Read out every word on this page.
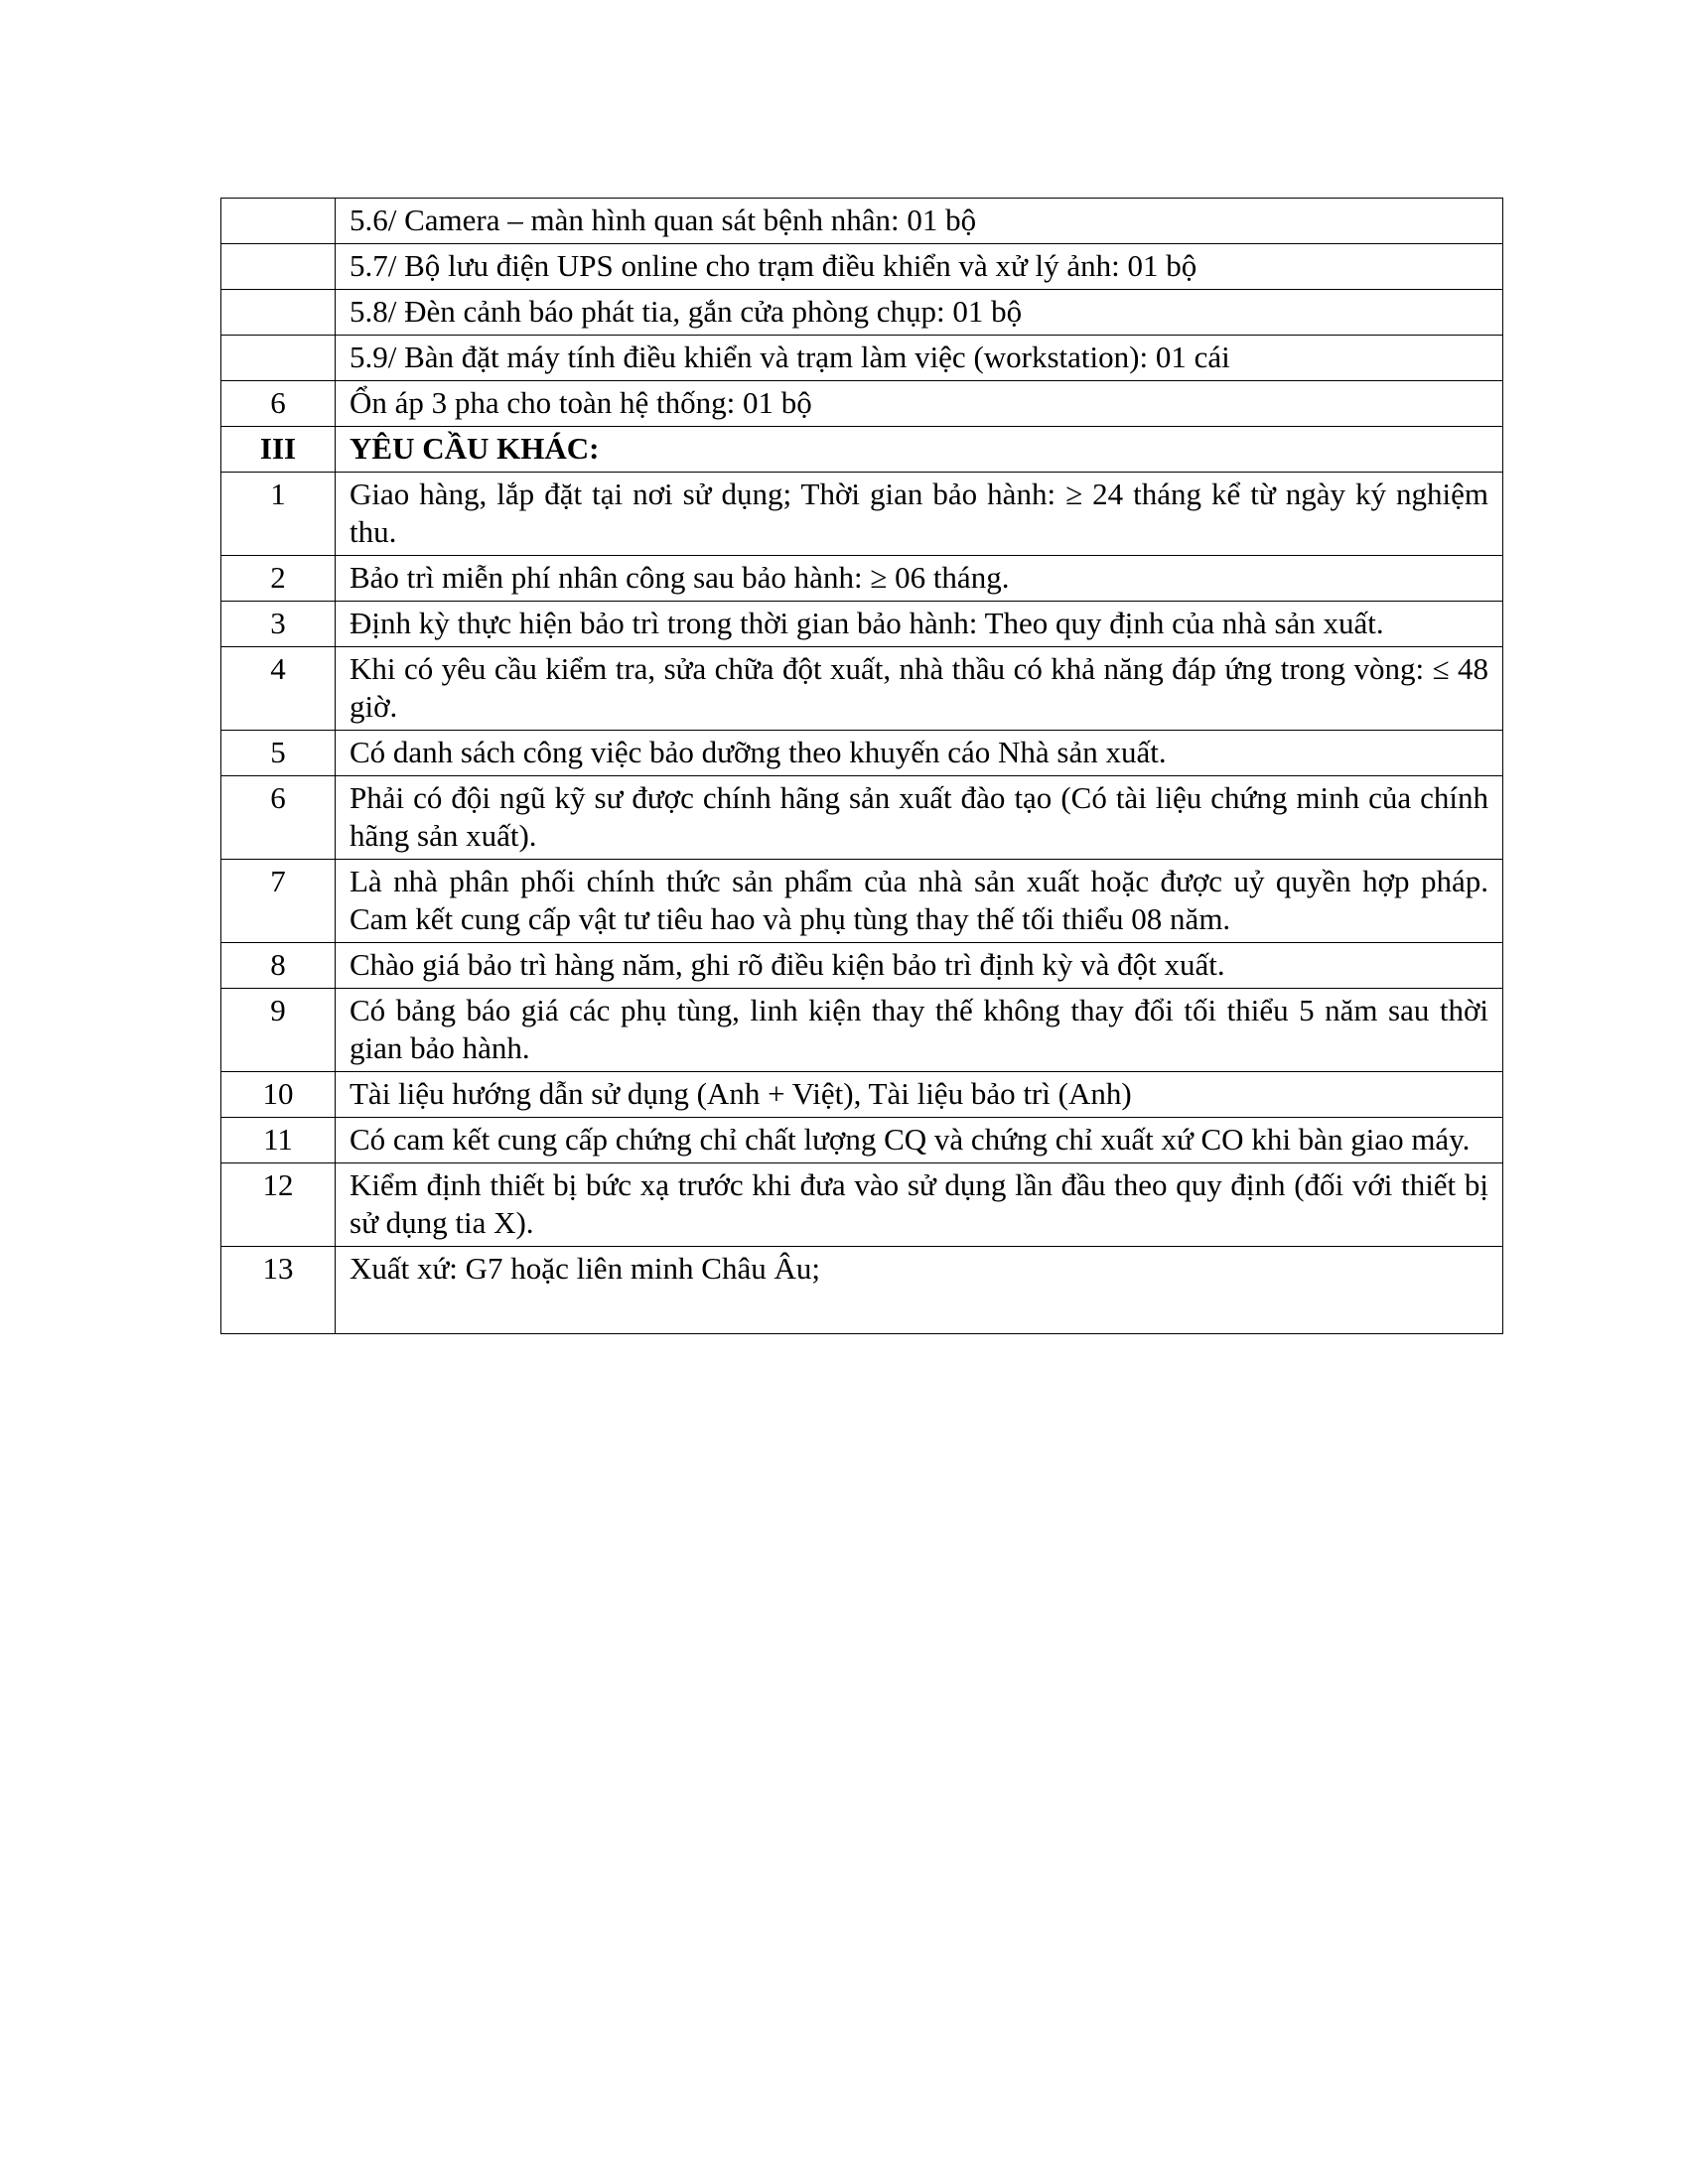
	5.6/ Camera – màn hình quan sát bệnh nhân: 01 bộ
	5.7/ Bộ lưu điện UPS online cho trạm điều khiển và xử lý ảnh: 01 bộ
	5.8/ Đèn cảnh báo phát tia, gắn cửa phòng chụp: 01 bộ
	5.9/ Bàn đặt máy tính điều khiển và trạm làm việc (workstation): 01 cái
6	Ổn áp 3 pha cho toàn hệ thống: 01 bộ
III	YÊU CẦU KHÁC:
1	Giao hàng, lắp đặt tại nơi sử dụng; Thời gian bảo hành: ≥ 24 tháng kể từ ngày ký nghiệm thu.
2	Bảo trì miễn phí nhân công sau bảo hành: ≥ 06 tháng.
3	Định kỳ thực hiện bảo trì trong thời gian bảo hành: Theo quy định của nhà sản xuất.
4	Khi có yêu cầu kiểm tra, sửa chữa đột xuất, nhà thầu có khả năng đáp ứng trong vòng: ≤ 48 giờ.
5	Có danh sách công việc bảo dưỡng theo khuyến cáo Nhà sản xuất.
6	Phải có đội ngũ kỹ sư được chính hãng sản xuất đào tạo (Có tài liệu chứng minh của chính hãng sản xuất).
7	Là nhà phân phối chính thức sản phẩm của nhà sản xuất hoặc được uỷ quyền hợp pháp. Cam kết cung cấp vật tư tiêu hao và phụ tùng thay thế tối thiểu 08 năm.
8	Chào giá bảo trì hàng năm, ghi rõ điều kiện bảo trì định kỳ và đột xuất.
9	Có bảng báo giá các phụ tùng, linh kiện thay thế không thay đổi tối thiểu 5 năm sau thời gian bảo hành.
10	Tài liệu hướng dẫn sử dụng (Anh + Việt), Tài liệu bảo trì (Anh)
11	Có cam kết cung cấp chứng chỉ chất lượng CQ và chứng chỉ xuất xứ CO khi bàn giao máy.
12	Kiểm định thiết bị bức xạ trước khi đưa vào sử dụng lần đầu theo quy định (đối với thiết bị sử dụng tia X).
13	Xuất xứ: G7 hoặc liên minh Châu Âu;
